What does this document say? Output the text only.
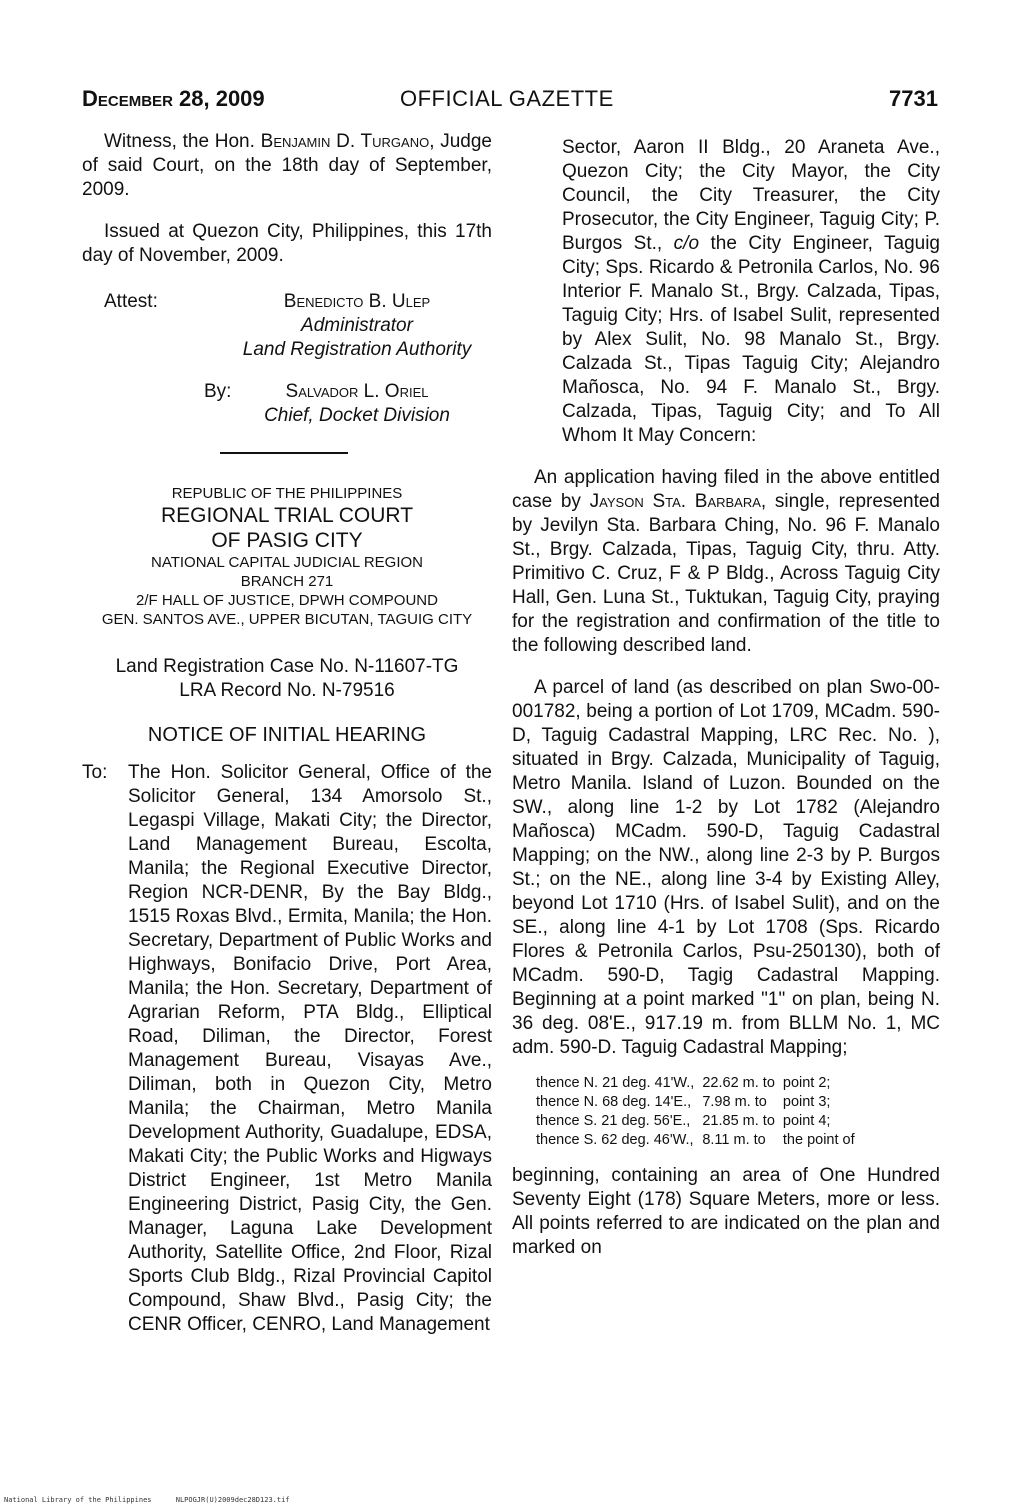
December 28, 2009	OFFICIAL GAZETTE	7731

Witness, the Hon. Benjamin D. Turgano, Judge of said Court, on the 18th day of September, 2009.

Issued at Quezon City, Philippines, this 17th day of November, 2009.

Attest:	Benedicto B. Ulep
Administrator
Land Registration Authority
By:	Salvador L. Oriel
Chief, Docket Division
REPUBLIC OF THE PHILIPPINES
REGIONAL TRIAL COURT
OF PASIG CITY
NATIONAL CAPITAL JUDICIAL REGION
BRANCH 271
2/F HALL OF JUSTICE, DPWH COMPOUND
GEN. SANTOS AVE., UPPER BICUTAN, TAGUIG CITY
Land Registration Case No. N-11607-TG
LRA Record No. N-79516
NOTICE OF INITIAL HEARING
To:	The Hon. Solicitor General, Office of the Solicitor General, 134 Amorsolo St., Legaspi Village, Makati City; the Director, Land Management Bureau, Escolta, Manila; the Regional Executive Director, Region NCR-DENR, By the Bay Bldg., 1515 Roxas Blvd., Ermita, Manila; the Hon. Secretary, Department of Public Works and Highways, Bonifacio Drive, Port Area, Manila; the Hon. Secretary, Department of Agrarian Reform, PTA Bldg., Elliptical Road, Diliman, the Director, Forest Management Bureau, Visayas Ave., Diliman, both in Quezon City, Metro Manila; the Chairman, Metro Manila Development Authority, Guadalupe, EDSA, Makati City; the Public Works and Higways District Engineer, 1st Metro Manila Engineering District, Pasig City, the Gen. Manager, Laguna Lake Development Authority, Satellite Office, 2nd Floor, Rizal Sports Club Bldg., Rizal Provincial Capitol Compound, Shaw Blvd., Pasig City; the CENR Officer, CENRO, Land Management

Sector, Aaron II Bldg., 20 Araneta Ave., Quezon City; the City Mayor, the City Council, the City Treasurer, the City Prosecutor, the City Engineer, Taguig City; P. Burgos St., c/o the City Engineer, Taguig City; Sps. Ricardo & Petronila Carlos, No. 96 Interior F. Manalo St., Brgy. Calzada, Tipas, Taguig City; Hrs. of Isabel Sulit, represented by Alex Sulit, No. 98 Manalo St., Brgy. Calzada St., Tipas Taguig City; Alejandro Mañosca, No. 94 F. Manalo St., Brgy. Calzada, Tipas, Taguig City; and To All Whom It May Concern:

An application having filed in the above entitled case by Jayson Sta. Barbara, single, represented by Jevilyn Sta. Barbara Ching, No. 96 F. Manalo St., Brgy. Calzada, Tipas, Taguig City, thru. Atty. Primitivo C. Cruz, F & P Bldg., Across Taguig City Hall, Gen. Luna St., Tuktukan, Taguig City, praying for the registration and confirmation of the title to the following described land.

A parcel of land (as described on plan Swo-00-001782, being a portion of Lot 1709, MCadm. 590-D, Taguig Cadastral Mapping, LRC Rec. No. ), situated in Brgy. Calzada, Municipality of Taguig, Metro Manila. Island of Luzon. Bounded on the SW., along line 1-2 by Lot 1782 (Alejandro Mañosca) MCadm. 590-D, Taguig Cadastral Mapping; on the NW., along line 2-3 by P. Burgos St.; on the NE., along line 3-4 by Existing Alley, beyond Lot 1710 (Hrs. of Isabel Sulit), and on the SE., along line 4-1 by Lot 1708 (Sps. Ricardo Flores & Petronila Carlos, Psu-250130), both of MCadm. 590-D, Tagig Cadastral Mapping. Beginning at a point marked "1" on plan, being N. 36 deg. 08'E., 917.19 m. from BLLM No. 1, MC adm. 590-D. Taguig Cadastral Mapping;

thence N. 21 deg. 41'W.,	22.62 m. to	point 2;
thence N. 68 deg. 14'E.,	7.98 m. to	point 3;
thence S. 21 deg. 56'E.,	21.85 m. to	point 4;
thence S. 62 deg. 46'W.,	8.11 m. to	the point of

beginning, containing an area of One Hundred Seventy Eight (178) Square Meters, more or less. All points referred to are indicated on the plan and marked on

National Library of the Philippines	NLPOGJR(U)2009dec28D123.tif
